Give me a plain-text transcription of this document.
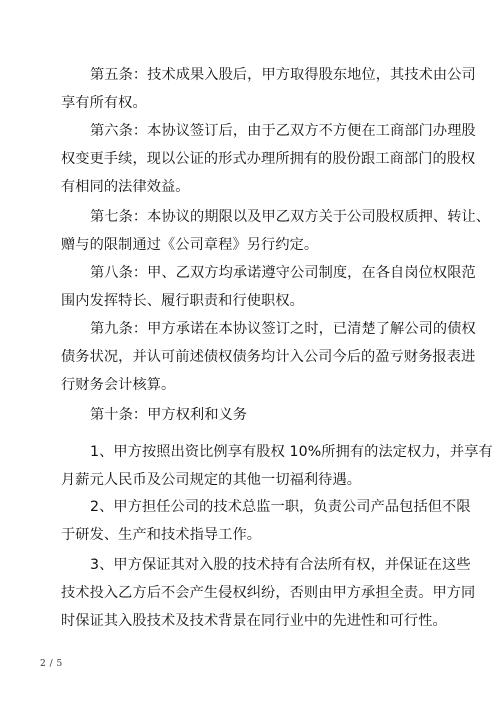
第五条：技术成果入股后，甲方取得股东地位，其技术由公司
享有所有权。

第六条：本协议签订后，由于乙双方不方便在工商部门办理股
权变更手续，现以公证的形式办理所拥有的股份跟工商部门的股权
有相同的法律效益。

第七条：本协议的期限以及甲乙双方关于公司股权质押、转让、
赠与的限制通过《公司章程》另行约定。

第八条：甲、乙双方均承诺遵守公司制度，在各自岗位权限范
围内发挥特长、履行职责和行使职权。

第九条：甲方承诺在本协议签订之时，已清楚了解公司的债权
债务状况，并认可前述债权债务均计入公司今后的盈亏财务报表进
行财务会计核算。

第十条：甲方权利和义务

1、甲方按照出资比例享有股权 10%所拥有的法定权力，并享有
月薪元人民币及公司规定的其他一切福利待遇。

2、甲方担任公司的技术总监一职，负责公司产品包括但不限
于研发、生产和技术指导工作。

3、甲方保证其对入股的技术持有合法所有权，并保证在这些
技术投入乙方后不会产生侵权纠纷，否则由甲方承担全责。甲方同
时保证其入股技术及技术背景在同行业中的先进性和可行性。

2 / 5
